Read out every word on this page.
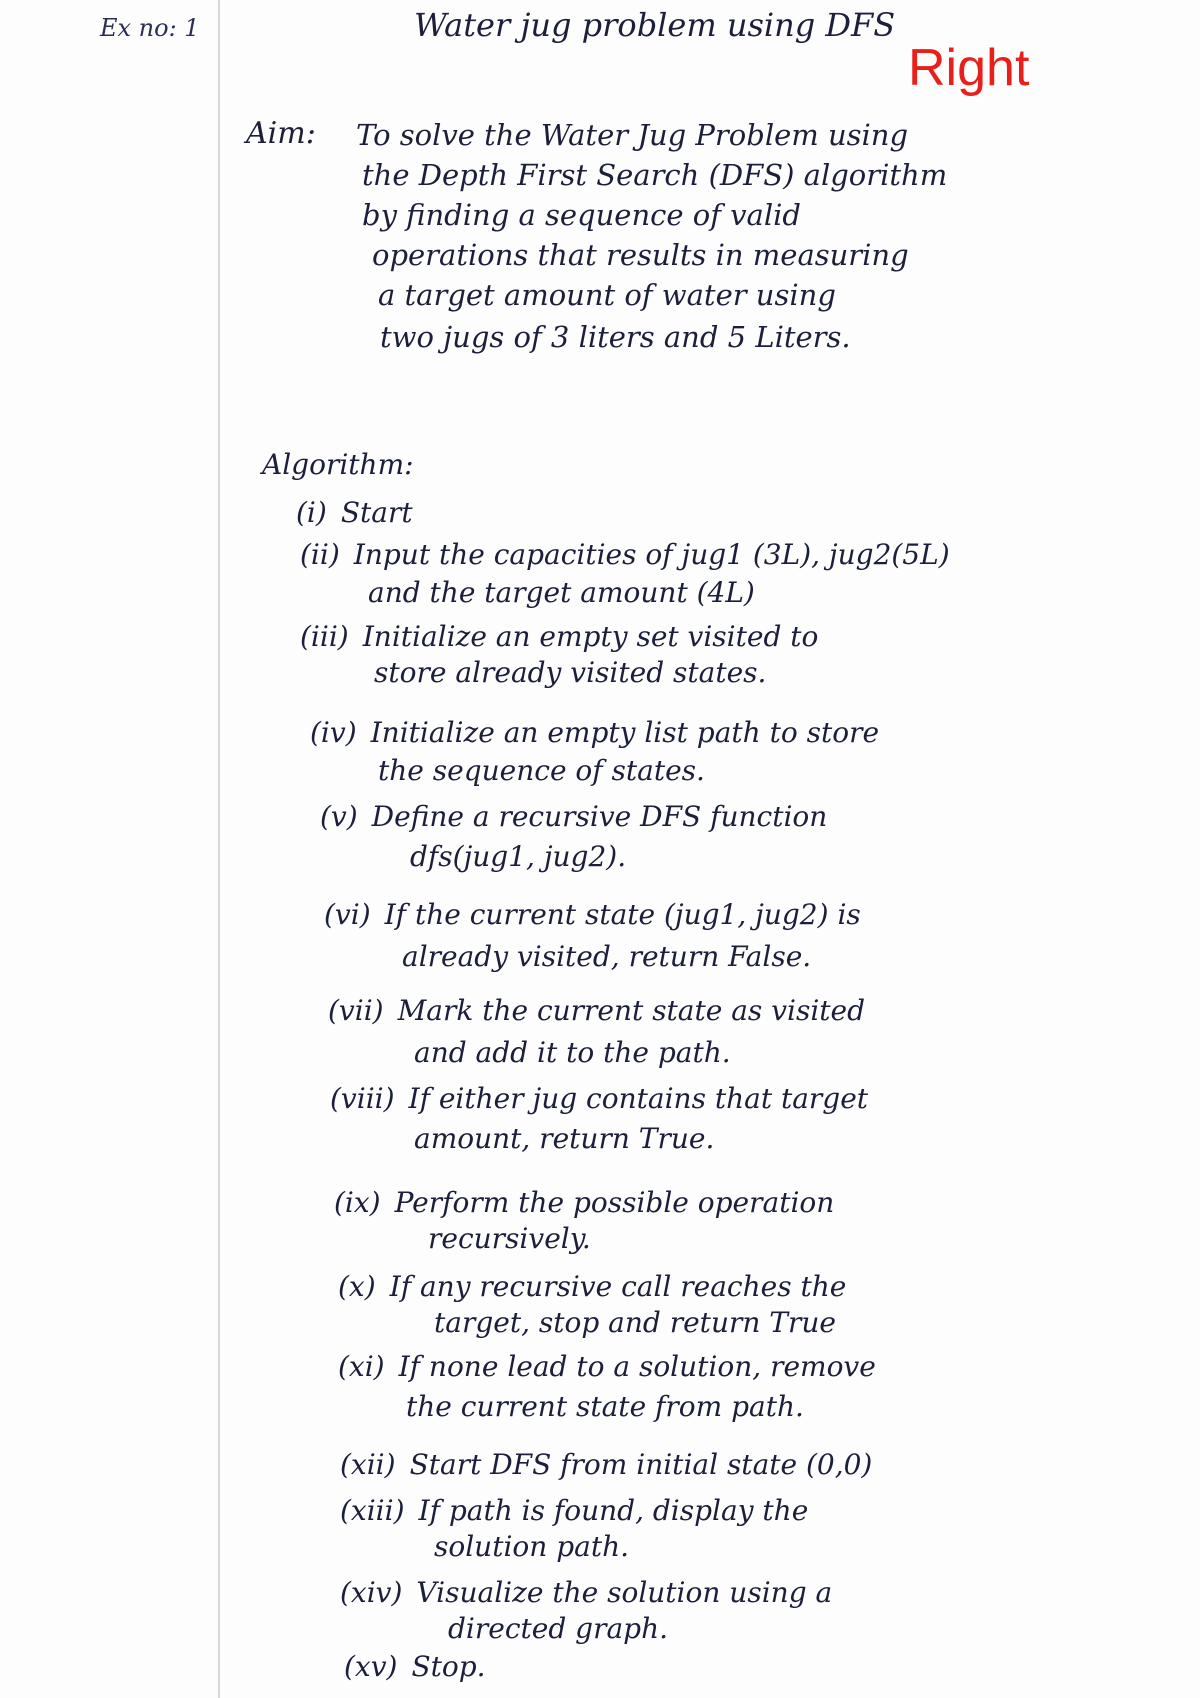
Ex no: 1	Water jug problem using DFS
Right
Aim: To solve the Water Jug Problem using
the Depth First Search (DFS) algorithm
by finding a sequence of valid
operations that results in measuring
a target amount of water using
two jugs of 3 liters and 5 Liters.
Algorithm:
(i) Start
(ii) Input the capacities of jug1 (3L), jug2(5L)
and the target amount (4L)
(iii) Initialize an empty set visited to
store already visited states.
(iv) Initialize an empty list path to store
the sequence of states.
(v) Define a recursive DFS function
dfs(jug1, jug2).
(vi) If the current state (jug1, jug2) is
already visited, return False.
(vii) Mark the current state as visited
and add it to the path.
(viii) If either jug contains that target
amount, return True.
(ix) Perform the possible operation
recursively.
(x) If any recursive call reaches the
target, stop and return True
(xi) If none lead to a solution, remove
the current state from path.
(xii) Start DFS from initial state (0,0)
(xiii) If path is found, display the
solution path.
(xiv) Visualize the solution using a
directed graph.
(xv) Stop.
